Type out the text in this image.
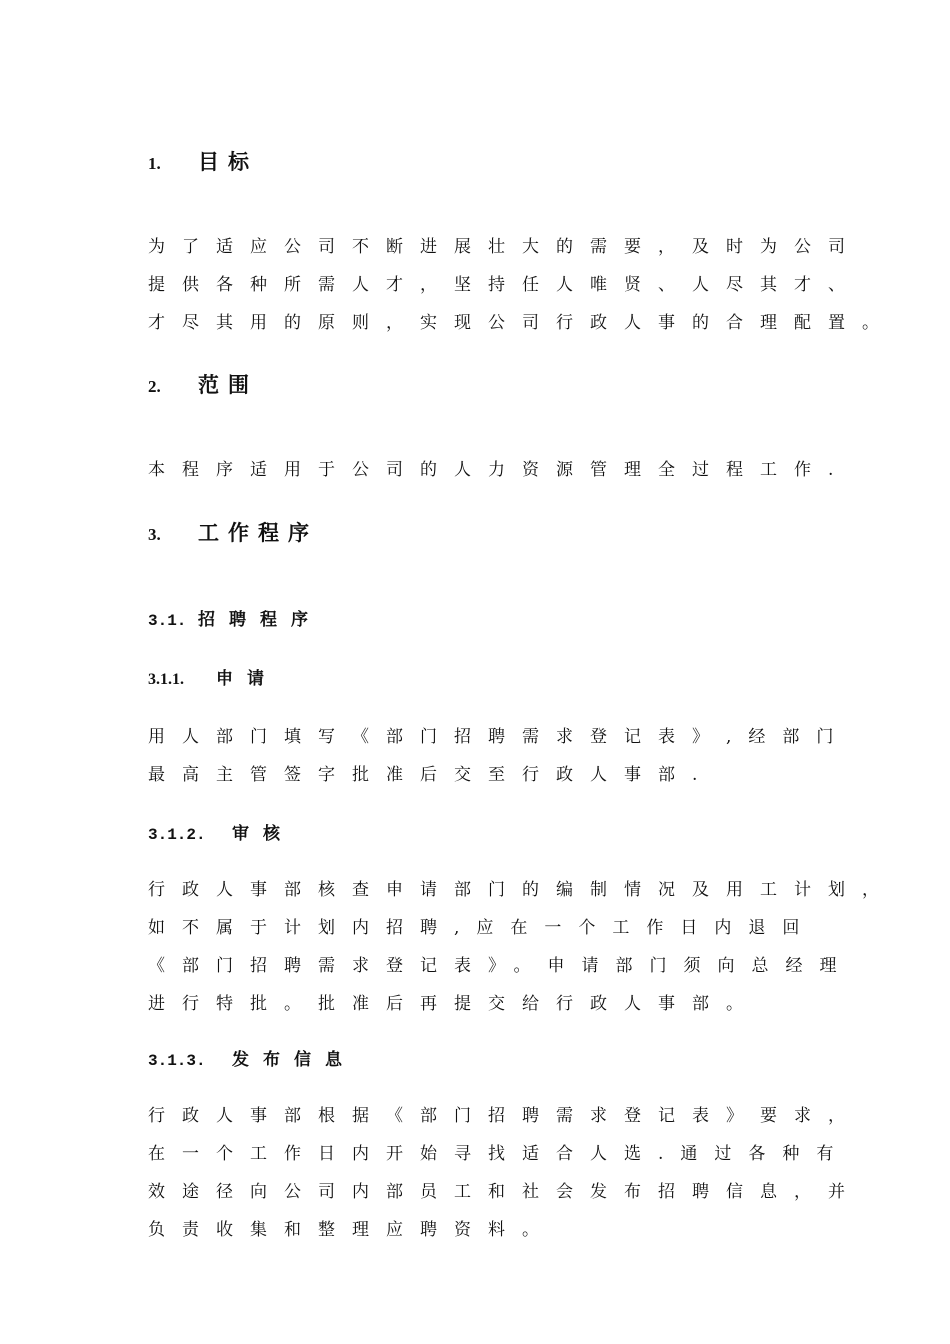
1. 目标
为了适应公司不断进展壮大的需要，及时为公司
提供各种所需人才，坚持任人唯贤、人尽其才、
才尽其用的原则，实现公司行政人事的合理配置。
2. 范围
本程序适用于公司的人力资源管理全过程工作.
3. 工作程序
3.1. 招聘程序
3.1.1. 申请
用人部门填写《部门招聘需求登记表》,经部门
最高主管签字批准后交至行政人事部.
3.1.2. 审核
行政人事部核查申请部门的编制情况及用工计划，
如不属于计划内招聘,应在一个工作日内退回
《部门招聘需求登记表》。申请部门须向总经理
进行特批。批准后再提交给行政人事部。
3.1.3. 发布信息
行政人事部根据《部门招聘需求登记表》要求，
在一个工作日内开始寻找适合人选.通过各种有
效途径向公司内部员工和社会发布招聘信息，并
负责收集和整理应聘资料。
